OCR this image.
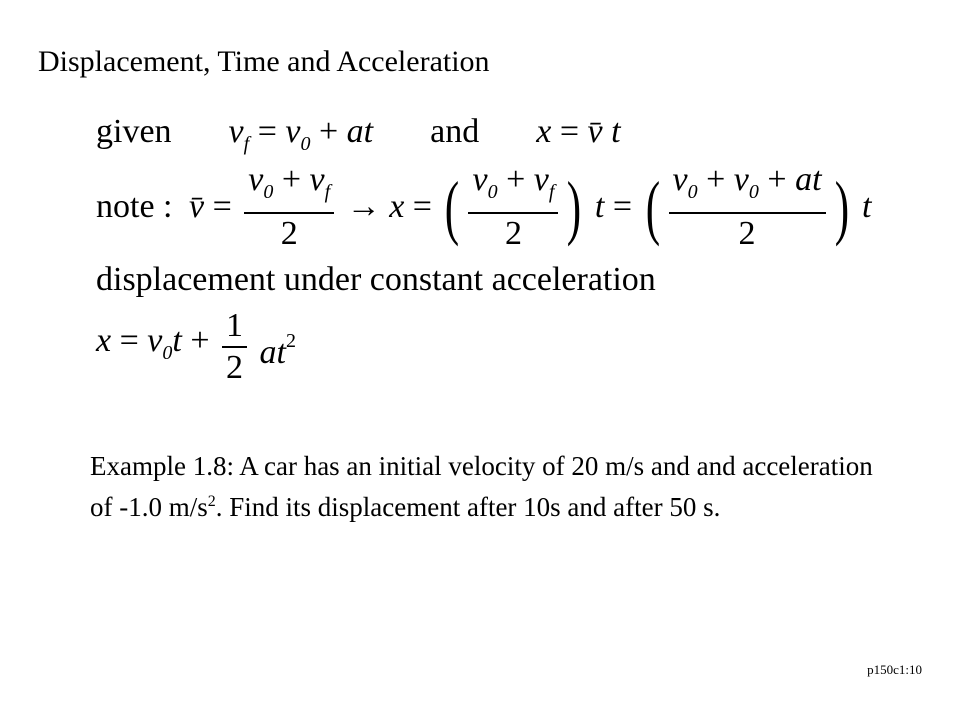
Displacement, Time and Acceleration
given $v_f = v_0$ + at and x = v̄ t
note : v̄ = $\frac{v_0 + v_f}{2} \to x$ = ( $\frac{v_0 + v_f}{2}$ ) t = ( $\frac{v_0 + v_0 + at}{2}$ ) t
displacement under constant acceleration
$x = v_0t + \frac{1}{2} at^2$
Example 1.8: A car has an initial velocity of 20 m/s and and acceleration of -1.0 $m/s^2$. Find its displacement after 10s and after 50 s.
p150c1:10
